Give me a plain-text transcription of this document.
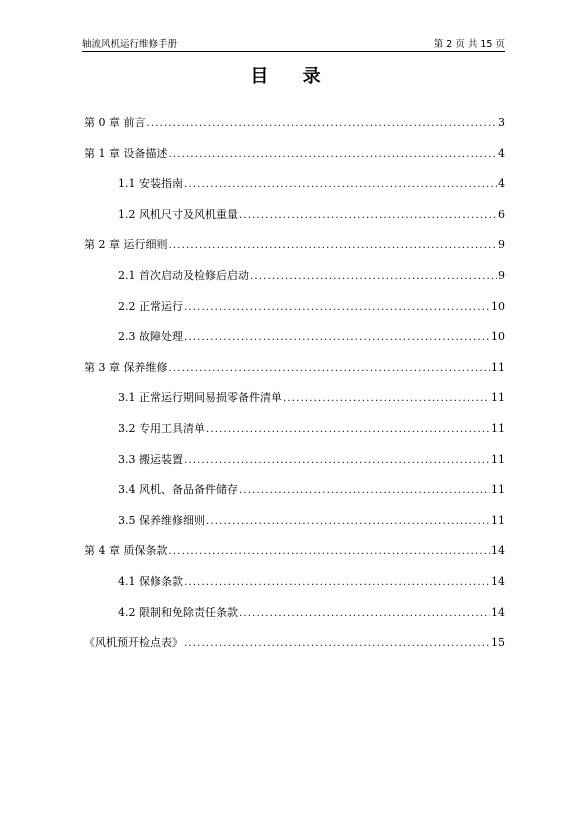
轴流风机运行维修手册	第 2 页 共 15 页
目 录
第 0 章 前言 .....	3
第 1 章 设备描述 .....	4
1.1 安装指南 .....	4
1.2 风机尺寸及风机重量 .....	6
第 2 章 运行细则 .....	9
2.1 首次启动及检修后启动 .....	9
2.2 正常运行 .....	10
2.3 故障处理 .....	10
第 3 章 保养维修 .....	11
3.1 正常运行期间易损零备件清单 .....	11
3.2 专用工具清单 .....	11
3.3 搬运装置 .....	11
3.4 风机、备品备件储存 .....	11
3.5 保养维修细则 .....	11
第 4 章 质保条款 .....	14
4.1 保修条款 .....	14
4.2 限制和免除责任条款 .....	14
《风机预开检点表》 .....	15
